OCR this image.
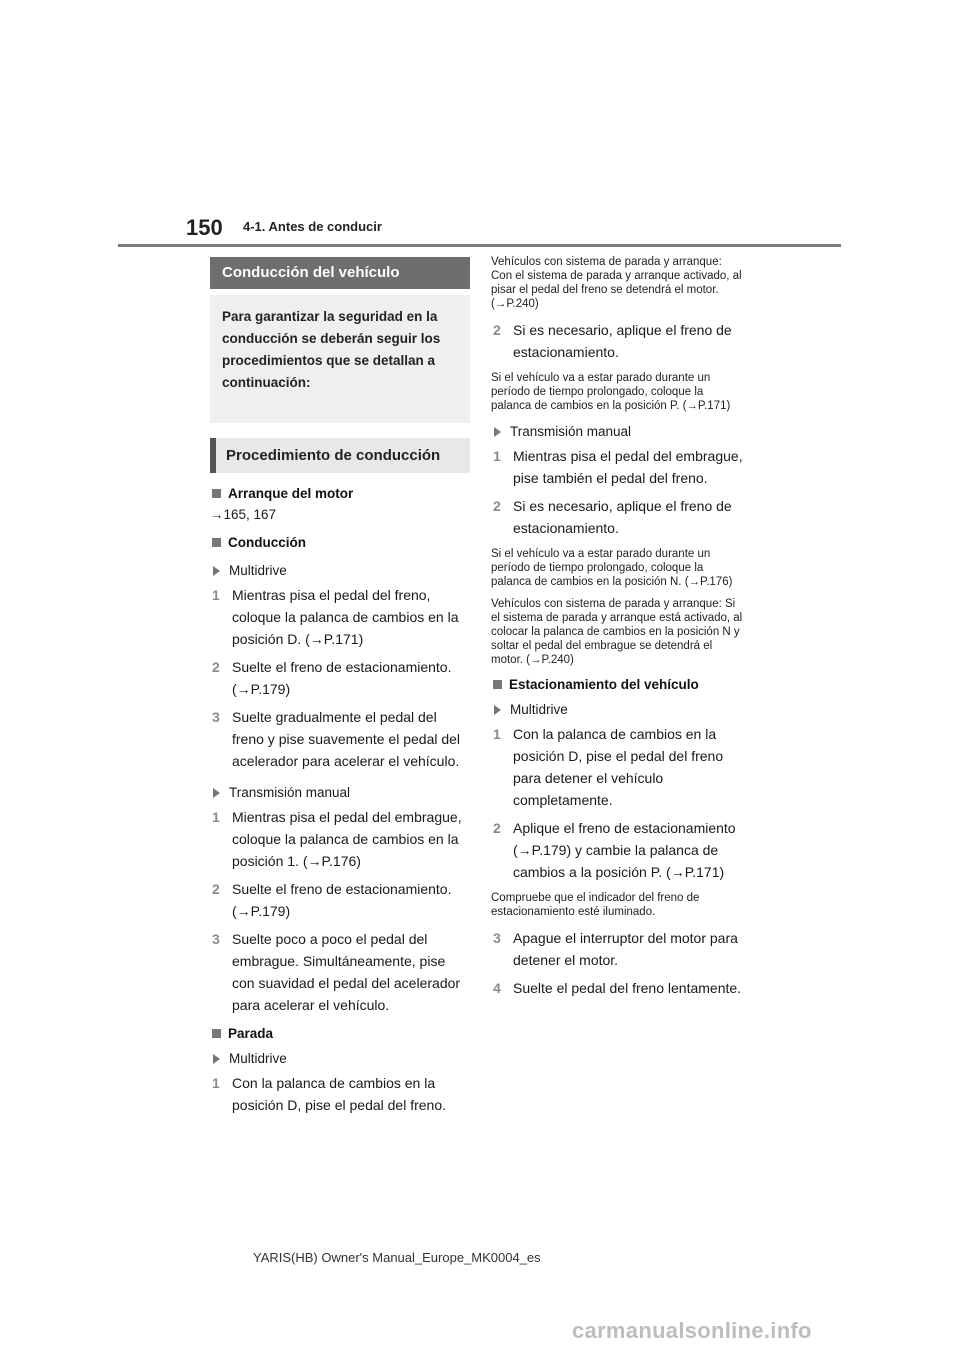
150 4-1. Antes de conducir
Conducción del vehículo
Para garantizar la seguridad en la conducción se deberán seguir los procedimientos que se detallan a continuación:
Procedimiento de conducción
Arranque del motor
→165, 167
Conducción
Multidrive
1 Mientras pisa el pedal del freno, coloque la palanca de cambios en la posición D. (→P.171)
2 Suelte el freno de estacionamiento. (→P.179)
3 Suelte gradualmente el pedal del freno y pise suavemente el pedal del acelerador para acelerar el vehículo.
Transmisión manual
1 Mientras pisa el pedal del embrague, coloque la palanca de cambios en la posición 1. (→P.176)
2 Suelte el freno de estacionamiento. (→P.179)
3 Suelte poco a poco el pedal del embrague. Simultáneamente, pise con suavidad el pedal del acelerador para acelerar el vehículo.
Parada
Multidrive
1 Con la palanca de cambios en la posición D, pise el pedal del freno.
Vehículos con sistema de parada y arranque: Con el sistema de parada y arranque activado, al pisar el pedal del freno se detendrá el motor. (→P.240)
2 Si es necesario, aplique el freno de estacionamiento.
Si el vehículo va a estar parado durante un período de tiempo prolongado, coloque la palanca de cambios en la posición P. (→P.171)
Transmisión manual
1 Mientras pisa el pedal del embrague, pise también el pedal del freno.
2 Si es necesario, aplique el freno de estacionamiento.
Si el vehículo va a estar parado durante un período de tiempo prolongado, coloque la palanca de cambios en la posición N. (→P.176)
Vehículos con sistema de parada y arranque: Si el sistema de parada y arranque está activado, al colocar la palanca de cambios en la posición N y soltar el pedal del embrague se detendrá el motor. (→P.240)
Estacionamiento del vehículo
Multidrive
1 Con la palanca de cambios en la posición D, pise el pedal del freno para detener el vehículo completamente.
2 Aplique el freno de estacionamiento (→P.179) y cambie la palanca de cambios a la posición P. (→P.171)
Compruebe que el indicador del freno de estacionamiento esté iluminado.
3 Apague el interruptor del motor para detener el motor.
4 Suelte el pedal del freno lentamente.
YARIS(HB) Owner's Manual_Europe_MK0004_es
carmanualsonline.info
